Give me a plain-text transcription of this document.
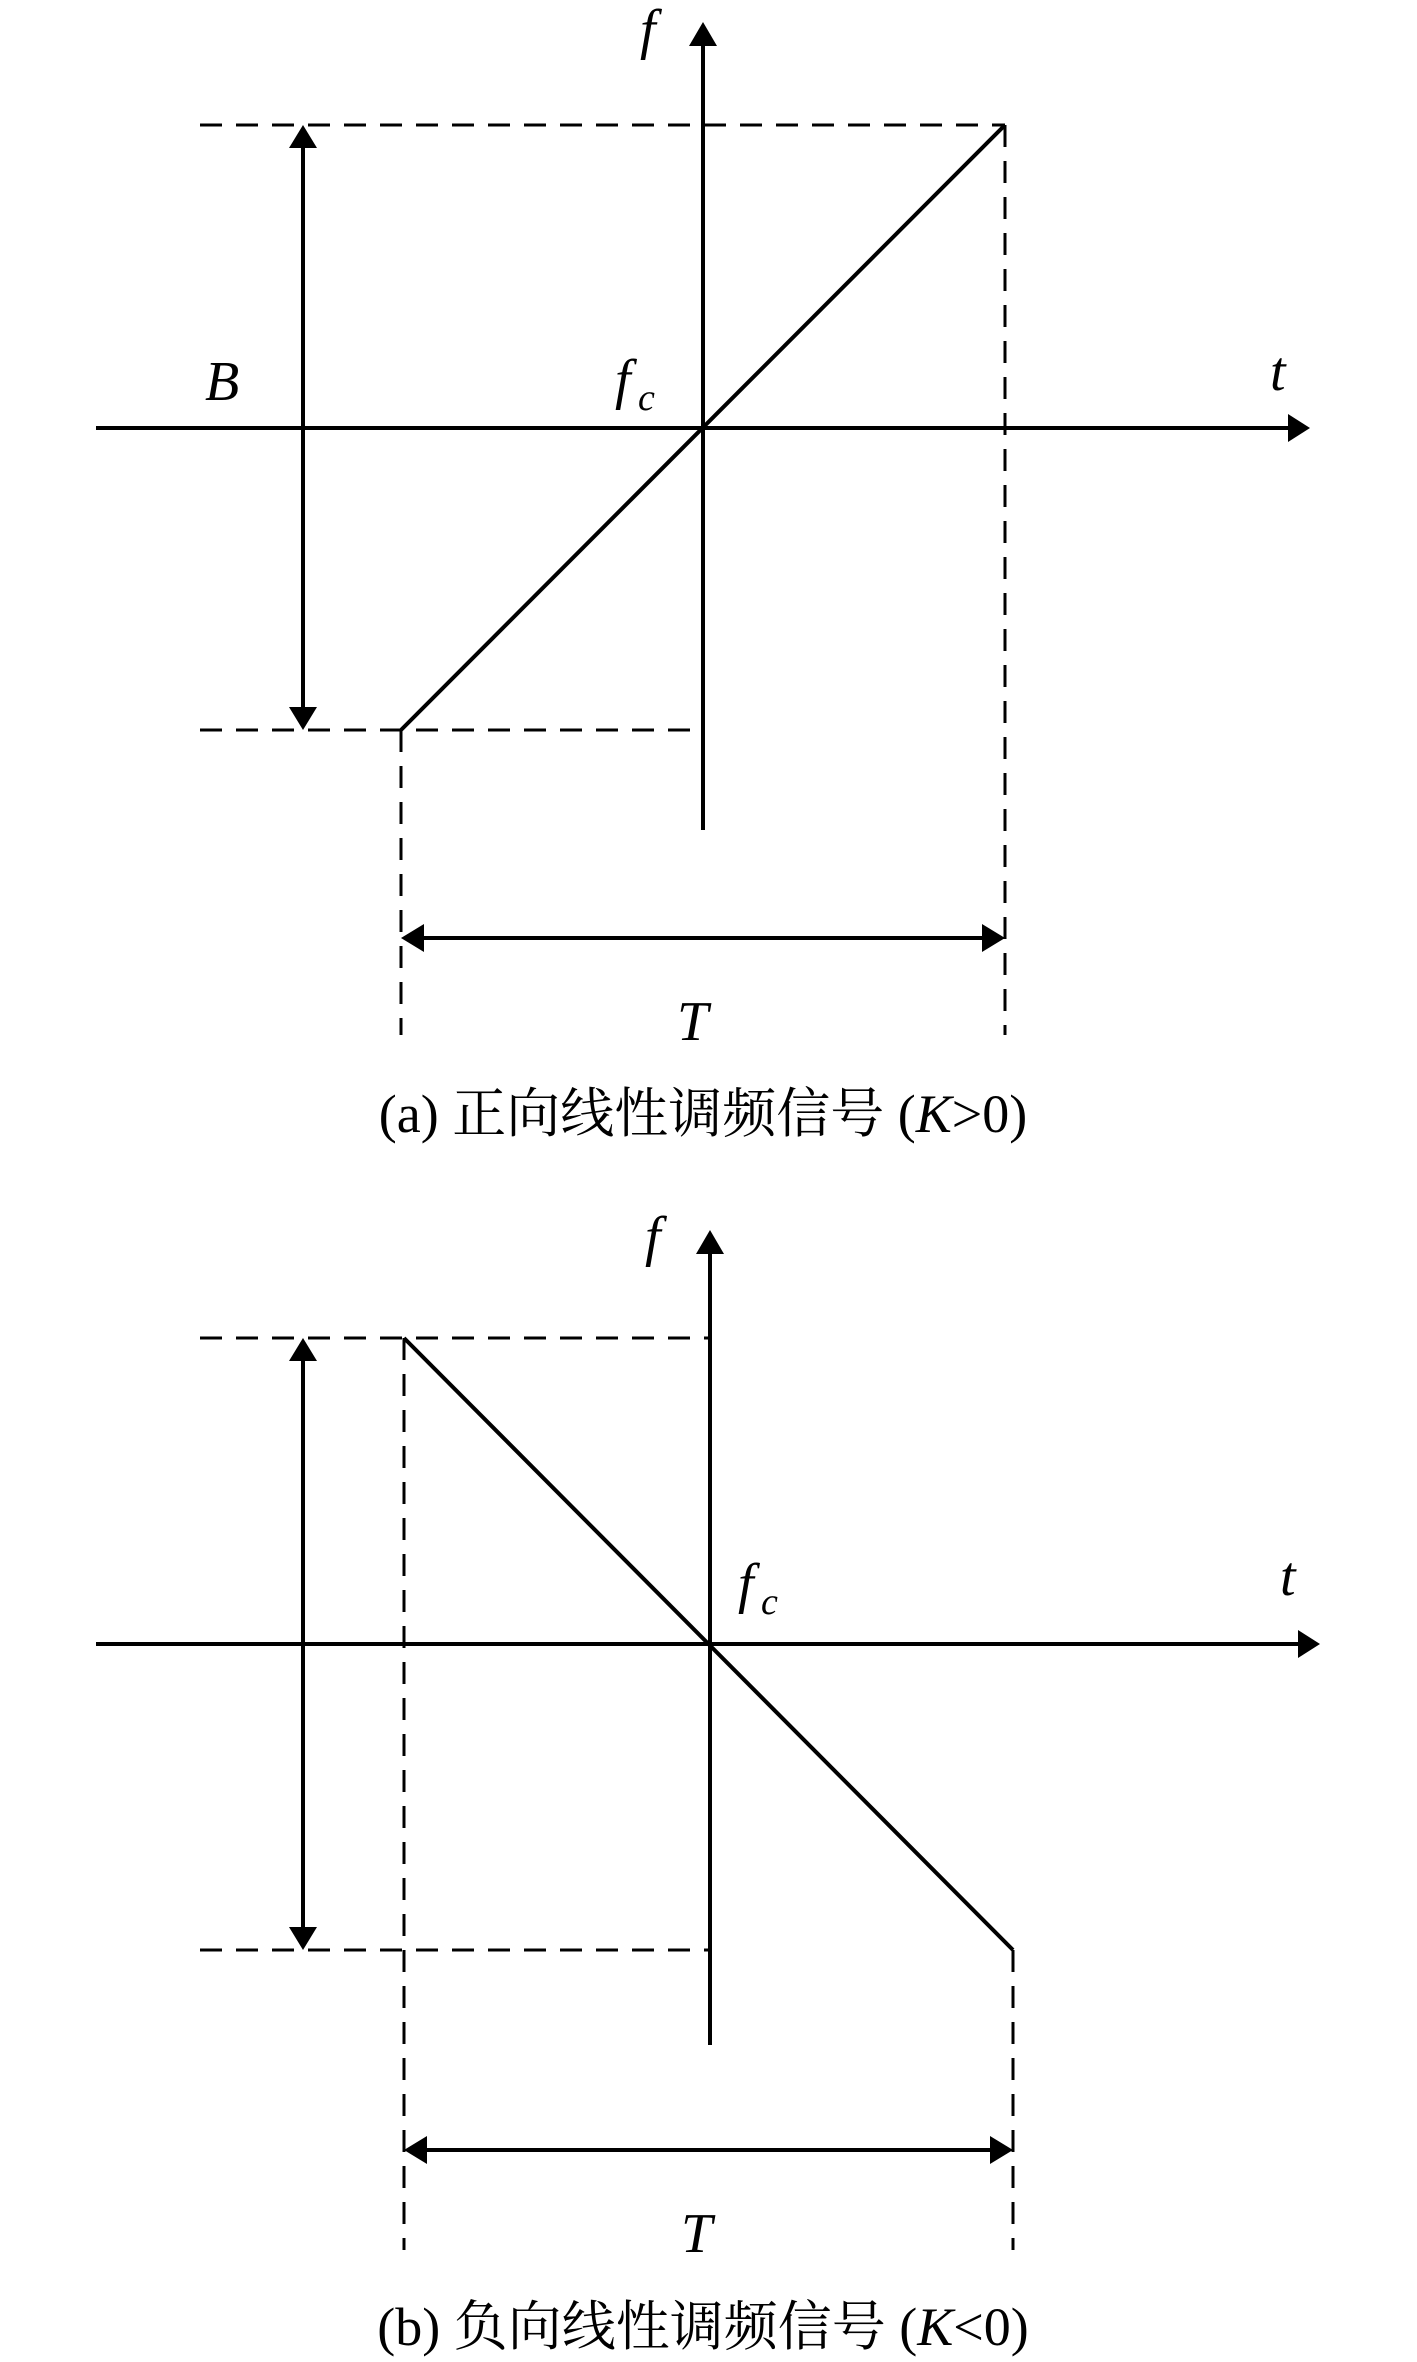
f
t
B	f c
T
(a) 正向线性调频信号 (K>0)
f
t
f c
T
(b) 负向线性调频信号 (K<0)
